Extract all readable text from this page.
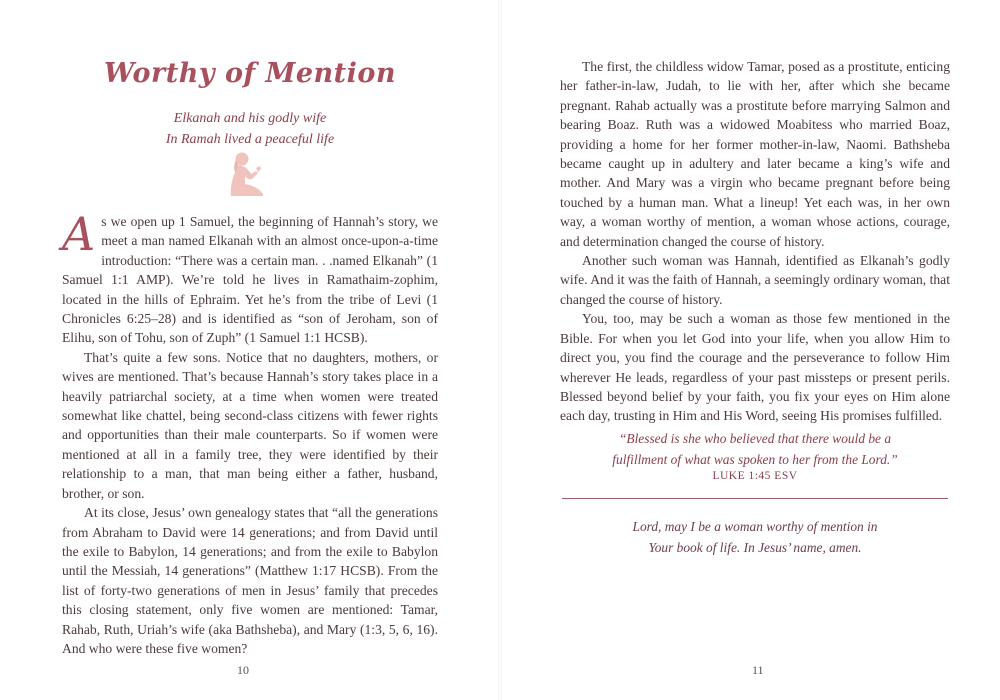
Worthy of Mention
Elkanah and his godly wife
In Ramah lived a peaceful life

As we open up 1 Samuel, the beginning of Hannah’s story, we meet a man named Elkanah with an almost once-upon-a-time introduction: “There was a certain man. . .named Elkanah” (1 Samuel 1:1 AMP). We’re told he lives in Ramathaim-zophim, located in the hills of Ephraim. Yet he’s from the tribe of Levi (1 Chronicles 6:25–28) and is identified as “son of Jeroham, son of Elihu, son of Tohu, son of Zuph” (1 Samuel 1:1 HCSB).

That’s quite a few sons. Notice that no daughters, mothers, or wives are mentioned. That’s because Hannah’s story takes place in a heavily patriarchal society, at a time when women were treated somewhat like chattel, being second-class citizens with fewer rights and opportunities than their male counterparts. So if women were mentioned at all in a family tree, they were identified by their relationship to a man, that man being either a father, husband, brother, or son.

At its close, Jesus’ own genealogy states that “all the generations from Abraham to David were 14 generations; and from David until the exile to Babylon, 14 generations; and from the exile to Babylon until the Messiah, 14 generations” (Matthew 1:17 HCSB). From the list of forty-two generations of men in Jesus’ family that precedes this closing statement, only five women are mentioned: Tamar, Rahab, Ruth, Uriah’s wife (aka Bathsheba), and Mary (1:3, 5, 6, 16). And who were these five women?

10

The first, the childless widow Tamar, posed as a prostitute, enticing her father-in-law, Judah, to lie with her, after which she became pregnant. Rahab actually was a prostitute before marrying Salmon and bearing Boaz. Ruth was a widowed Moabitess who married Boaz, providing a home for her former mother-in-law, Naomi. Bathsheba became caught up in adultery and later became a king’s wife and mother. And Mary was a virgin who became pregnant before being touched by a human man. What a lineup! Yet each was, in her own way, a woman worthy of mention, a woman whose actions, courage, and determination changed the course of history.

Another such woman was Hannah, identified as Elkanah’s godly wife. And it was the faith of Hannah, a seemingly ordinary woman, that changed the course of history.

You, too, may be such a woman as those few mentioned in the Bible. For when you let God into your life, when you allow Him to direct you, you find the courage and the perseverance to follow Him wherever He leads, regardless of your past missteps or present perils. Blessed beyond belief by your faith, you fix your eyes on Him alone each day, trusting in Him and His Word, seeing His promises fulfilled.

“Blessed is she who believed that there would be a
fulfillment of what was spoken to her from the Lord.”
LUKE 1:45 ESV
Lord, may I be a woman worthy of mention in
Your book of life. In Jesus’ name, amen.
11
